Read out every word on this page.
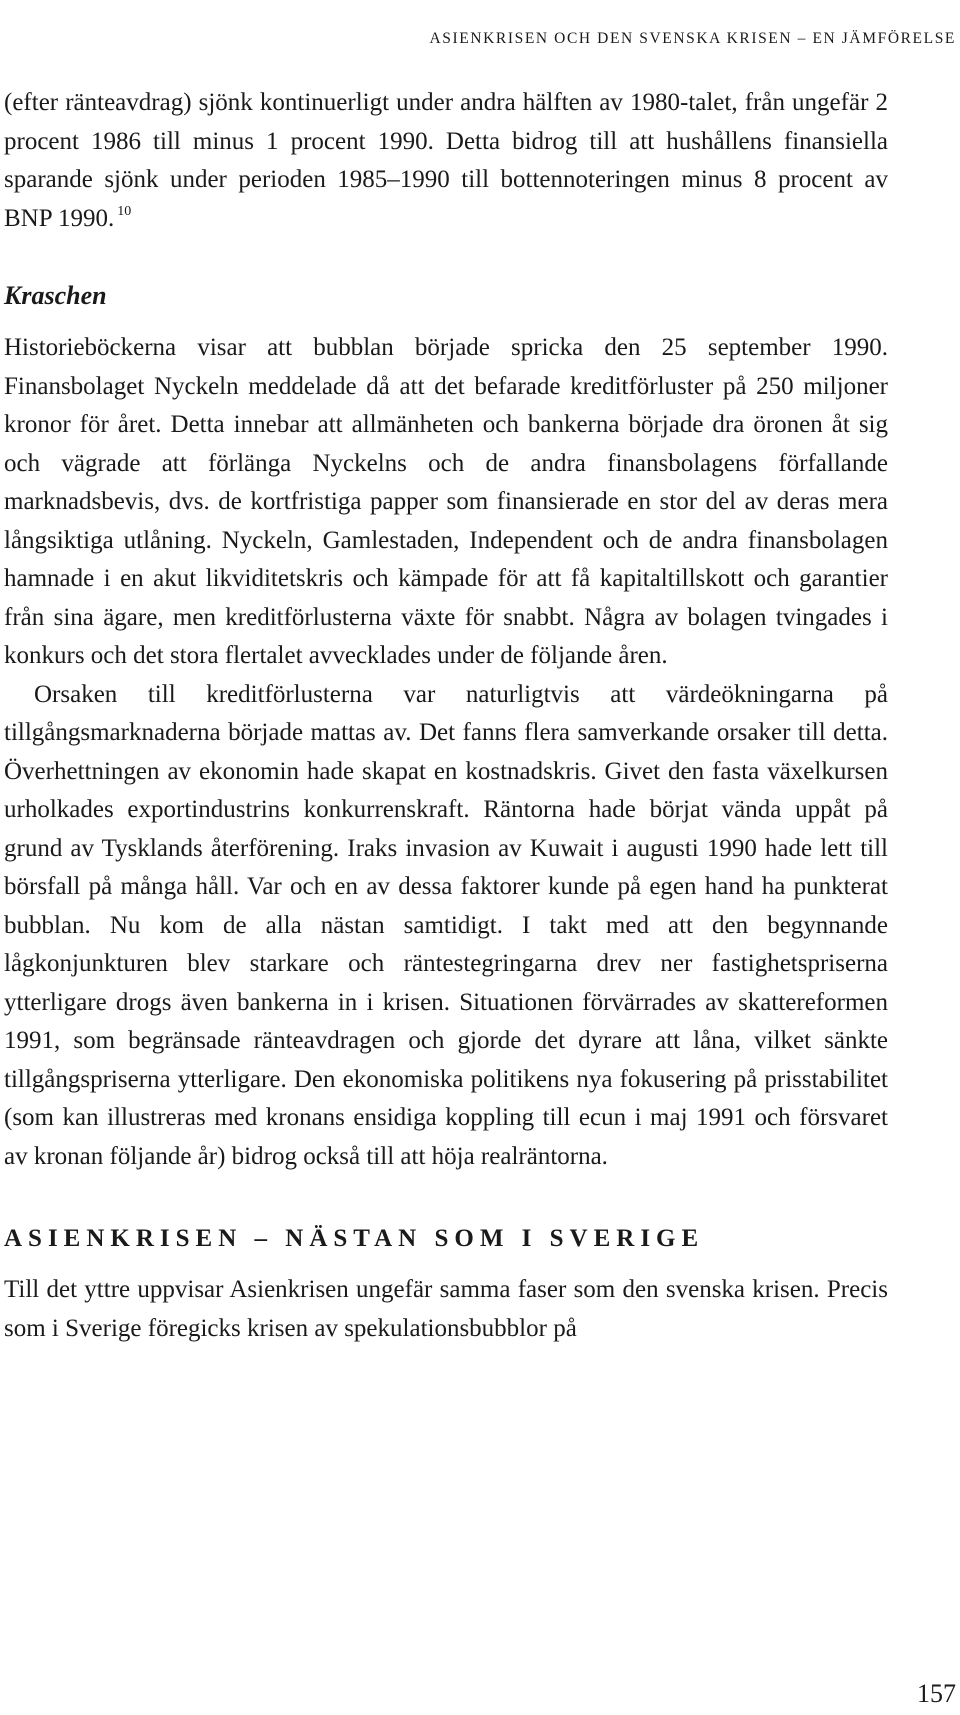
ASIENKRISEN OCH DEN SVENSKA KRISEN – EN JÄMFÖRELSE

(efter ränteavdrag) sjönk kontinuerligt under andra hälften av 1980-talet, från ungefär 2 procent 1986 till minus 1 procent 1990. Detta bidrog till att hushållens finansiella sparande sjönk under perioden 1985–1990 till bottennoteringen minus 8 procent av BNP 1990. $^{10}$

Kraschen

Historieböckerna visar att bubblan började spricka den 25 september 1990. Finansbolaget Nyckeln meddelade då att det befarade kreditförluster på 250 miljoner kronor för året. Detta innebar att allmänheten och bankerna började dra öronen åt sig och vägrade att förlänga Nyckelns och de andra finansbolagens förfallande marknadsbevis, dvs. de kortfristiga papper som finansierade en stor del av deras mera långsiktiga utlåning. Nyckeln, Gamlestaden, Independent och de andra finansbolagen hamnade i en akut likviditetskris och kämpade för att få kapitaltillskott och garantier från sina ägare, men kreditförlusterna växte för snabbt. Några av bolagen tvingades i konkurs och det stora flertalet avvecklades under de följande åren.

Orsaken till kreditförlusterna var naturligtvis att värdeökningarna på tillgångsmarknaderna började mattas av. Det fanns flera samverkande orsaker till detta. Överhettningen av ekonomin hade skapat en kostnadskris. Givet den fasta växelkursen urholkades exportindustrins konkurrenskraft. Räntorna hade börjat vända uppåt på grund av Tysklands återförening. Iraks invasion av Kuwait i augusti 1990 hade lett till börsfall på många håll. Var och en av dessa faktorer kunde på egen hand ha punkterat bubblan. Nu kom de alla nästan samtidigt. I takt med att den begynnande lågkonjunkturen blev starkare och räntestegringarna drev ner fastighetspriserna ytterligare drogs även bankerna in i krisen. Situationen förvärrades av skattereformen 1991, som begränsade ränteavdragen och gjorde det dyrare att låna, vilket sänkte tillgångspriserna ytterligare. Den ekonomiska politikens nya fokusering på prisstabilitet (som kan illustreras med kronans ensidiga koppling till ecun i maj 1991 och försvaret av kronan följande år) bidrog också till att höja realräntorna.

ASIENKRISEN – NÄSTAN SOM I SVERIGE

Till det yttre uppvisar Asienkrisen ungefär samma faser som den svenska krisen. Precis som i Sverige föregicks krisen av spekulationsbubblor på

157
